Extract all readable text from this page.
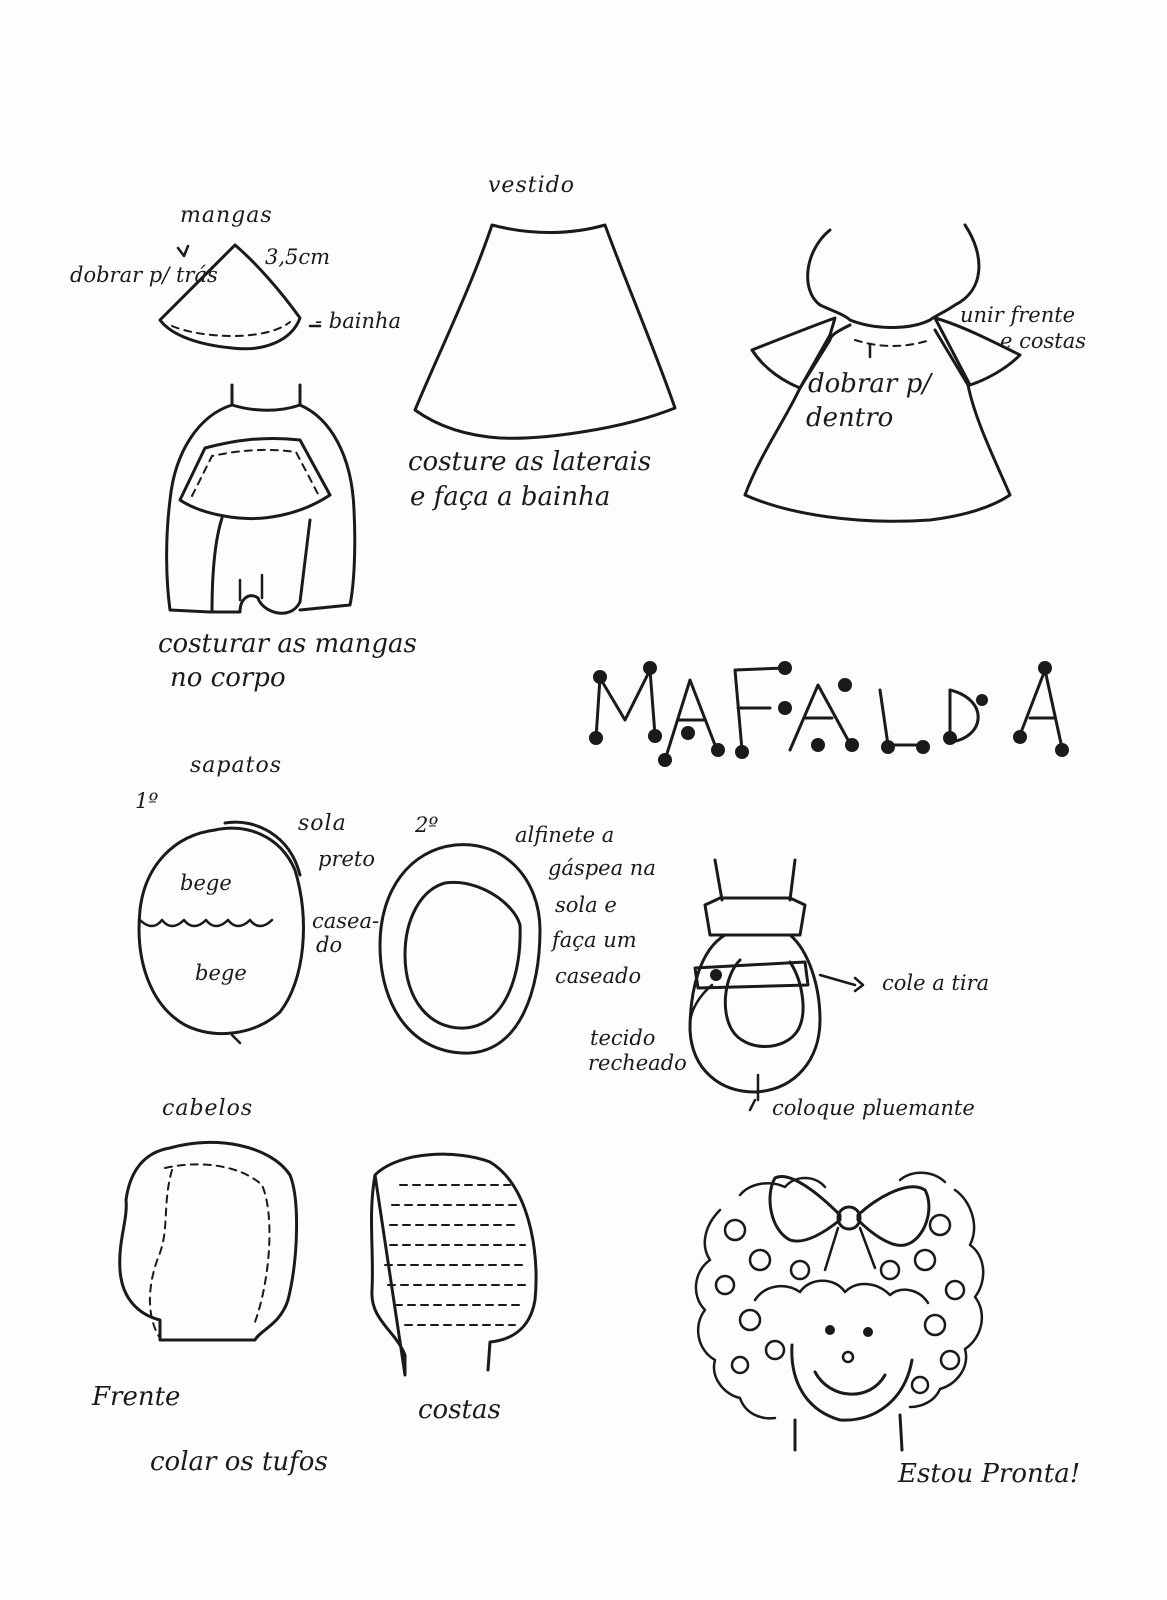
mangas
dobrar p/ trás
3,5cm
- bainha
costurar as mangas
no corpo
vestido
costure as laterais
e faça a bainha
unir frente
e costas
dobrar p/
dentro
sapatos
1º
sola
preto
bege
bege
casea-
do
2º	alfinete a
gáspea na
sola e
faça um
caseado	cole a tira
tecido
recheado
coloque pluemante
cabelos
Frente	costas
colar os tufos	Estou Pronta!
